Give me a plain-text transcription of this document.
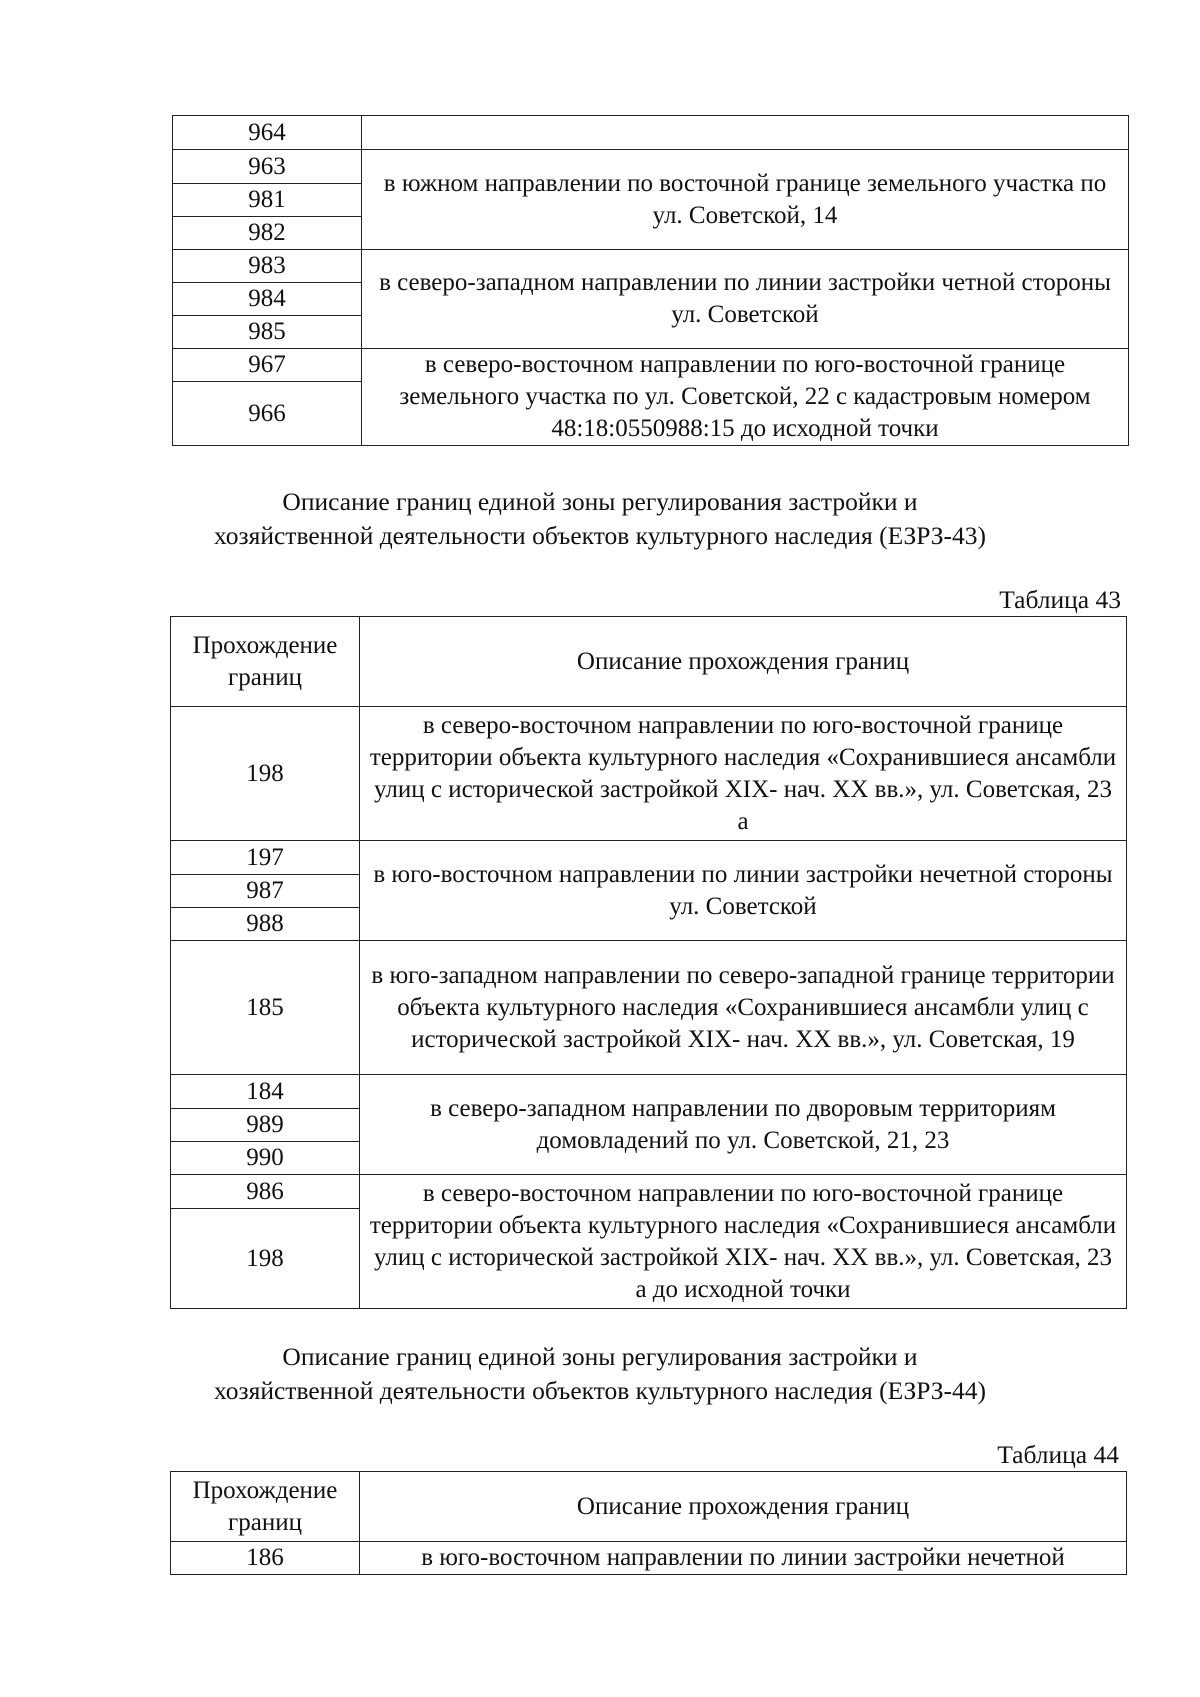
964	
963	в южном направлении по восточной границе земельного участка по ул. Советской, 14
981	
982	
983	в северо-западном направлении по линии застройки четной стороны ул. Советской
984	
985	
967	в северо-восточном направлении по юго-восточной границе земельного участка по ул. Советской, 22 с кадастровым номером 48:18:0550988:15 до исходной точки
966	
Описание границ единой зоны регулирования застройки и
хозяйственной деятельности объектов культурного наследия (ЕЗРЗ-43)
Таблица 43
Прохождение границ	Описание прохождения границ
198	в северо-восточном направлении по юго-восточной границе территории объекта культурного наследия «Сохранившиеся ансамбли улиц с исторической застройкой XIX- нач. XX вв.», ул. Советская, 23 а
197	в юго-восточном направлении по линии застройки нечетной стороны ул. Советской
987	
988	
185	в юго-западном направлении по северо-западной границе территории объекта культурного наследия «Сохранившиеся ансамбли улиц с исторической застройкой XIX- нач. XX вв.», ул. Советская, 19
184	в северо-западном направлении по дворовым территориям домовладений по ул. Советской, 21, 23
989	
990	
986	в северо-восточном направлении по юго-восточной границе территории объекта культурного наследия «Сохранившиеся ансамбли улиц с исторической застройкой XIX- нач. XX вв.», ул. Советская, 23 а до исходной точки
198	
Описание границ единой зоны регулирования застройки и
хозяйственной деятельности объектов культурного наследия (ЕЗРЗ-44)
Таблица 44
Прохождение границ	Описание прохождения границ
186	в юго-восточном направлении по линии застройки нечетной
